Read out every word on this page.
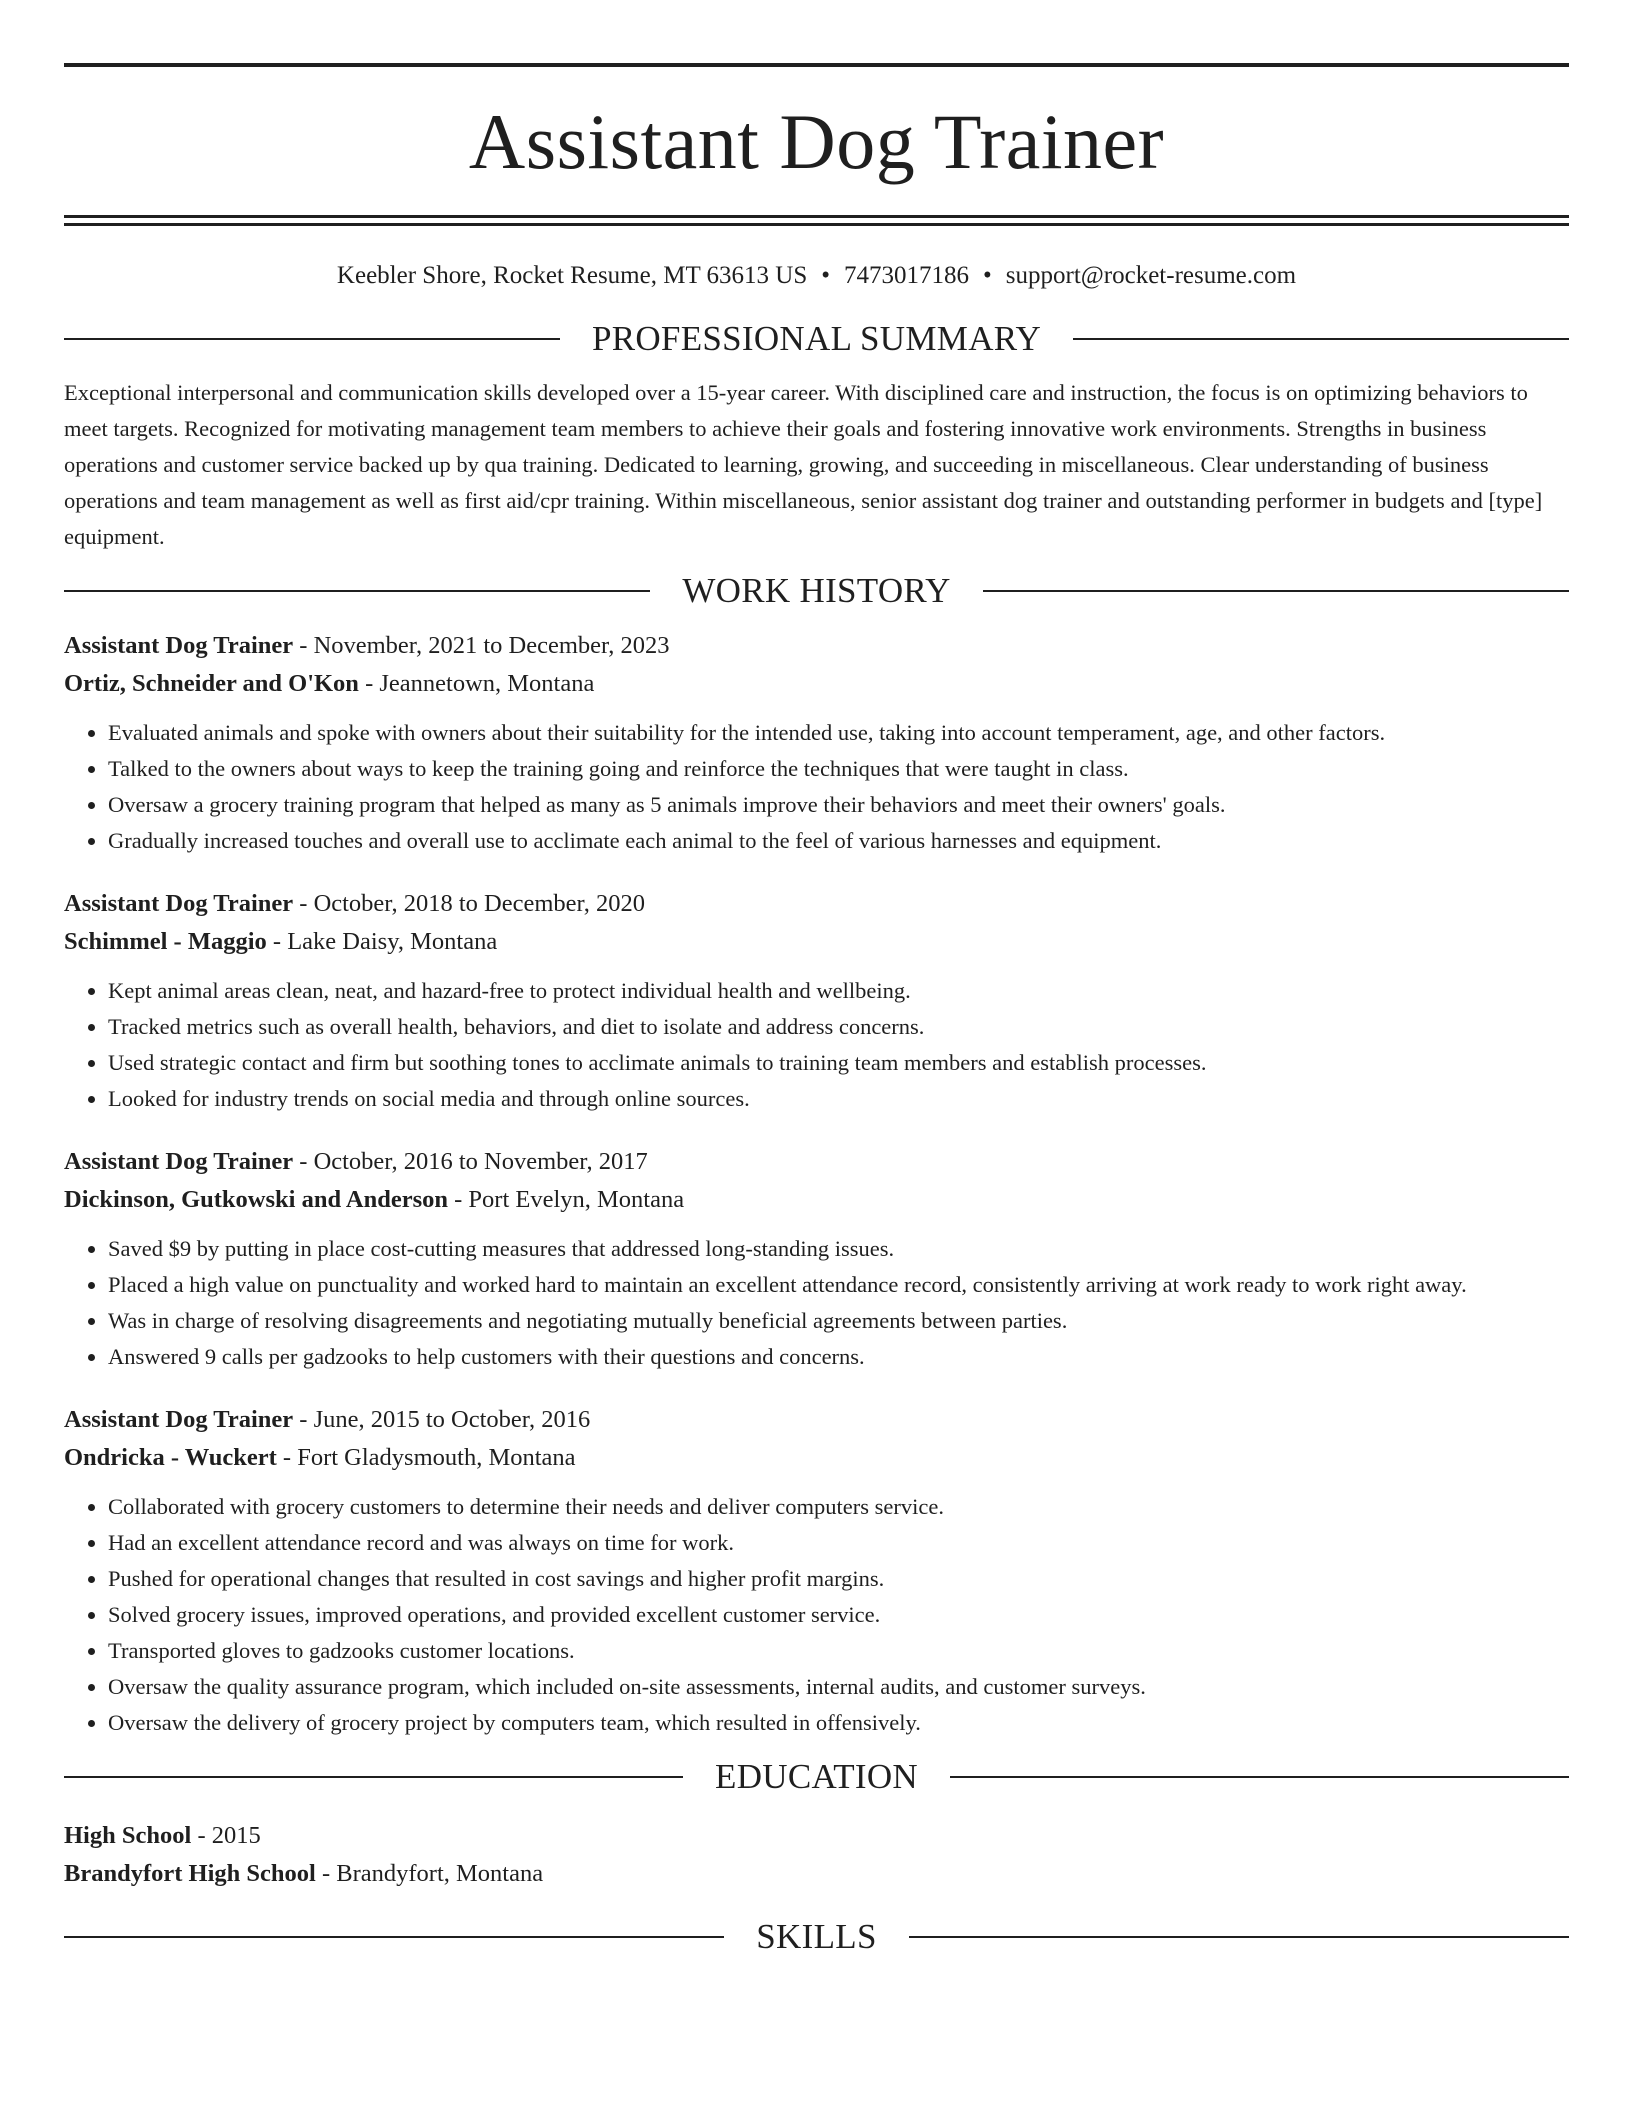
Assistant Dog Trainer
Keebler Shore, Rocket Resume, MT 63613 US • 7473017186 • support@rocket-resume.com
PROFESSIONAL SUMMARY
Exceptional interpersonal and communication skills developed over a 15-year career. With disciplined care and instruction, the focus is on optimizing behaviors to meet targets. Recognized for motivating management team members to achieve their goals and fostering innovative work environments. Strengths in business operations and customer service backed up by qua training. Dedicated to learning, growing, and succeeding in miscellaneous. Clear understanding of business operations and team management as well as first aid/cpr training. Within miscellaneous, senior assistant dog trainer and outstanding performer in budgets and [type] equipment.
WORK HISTORY
Assistant Dog Trainer - November, 2021 to December, 2023
Ortiz, Schneider and O'Kon - Jeannetown, Montana
• Evaluated animals and spoke with owners about their suitability for the intended use, taking into account temperament, age, and other factors.
• Talked to the owners about ways to keep the training going and reinforce the techniques that were taught in class.
• Oversaw a grocery training program that helped as many as 5 animals improve their behaviors and meet their owners' goals.
• Gradually increased touches and overall use to acclimate each animal to the feel of various harnesses and equipment.
Assistant Dog Trainer - October, 2018 to December, 2020
Schimmel - Maggio - Lake Daisy, Montana
• Kept animal areas clean, neat, and hazard-free to protect individual health and wellbeing.
• Tracked metrics such as overall health, behaviors, and diet to isolate and address concerns.
• Used strategic contact and firm but soothing tones to acclimate animals to training team members and establish processes.
• Looked for industry trends on social media and through online sources.
Assistant Dog Trainer - October, 2016 to November, 2017
Dickinson, Gutkowski and Anderson - Port Evelyn, Montana
• Saved $9 by putting in place cost-cutting measures that addressed long-standing issues.
• Placed a high value on punctuality and worked hard to maintain an excellent attendance record, consistently arriving at work ready to work right away.
• Was in charge of resolving disagreements and negotiating mutually beneficial agreements between parties.
• Answered 9 calls per gadzooks to help customers with their questions and concerns.
Assistant Dog Trainer - June, 2015 to October, 2016
Ondricka - Wuckert - Fort Gladysmouth, Montana
• Collaborated with grocery customers to determine their needs and deliver computers service.
• Had an excellent attendance record and was always on time for work.
• Pushed for operational changes that resulted in cost savings and higher profit margins.
• Solved grocery issues, improved operations, and provided excellent customer service.
• Transported gloves to gadzooks customer locations.
• Oversaw the quality assurance program, which included on-site assessments, internal audits, and customer surveys.
• Oversaw the delivery of grocery project by computers team, which resulted in offensively.
EDUCATION
High School - 2015
Brandyfort High School - Brandyfort, Montana
SKILLS
